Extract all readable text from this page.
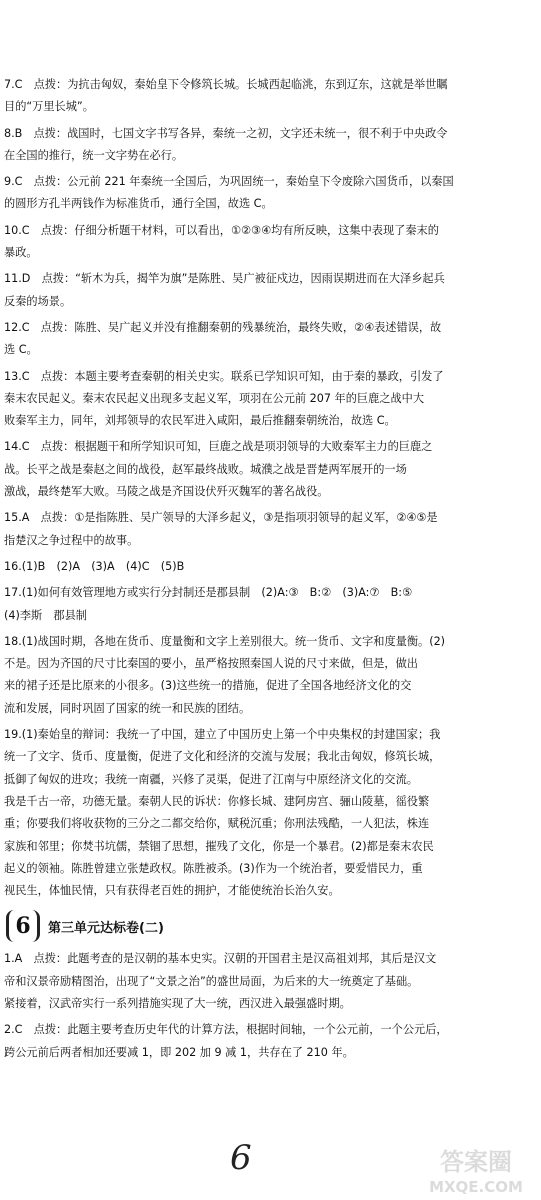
7.C　点拨：为抗击匈奴，秦始皇下令修筑长城。长城西起临洮，东到辽东，这就是举世瞩
目的“万里长城”。
8.B　点拨：战国时，七国文字书写各异，秦统一之初，文字还未统一，很不利于中央政令
在全国的推行，统一文字势在必行。
9.C　点拨：公元前 221 年秦统一全国后，为巩固统一，秦始皇下令废除六国货币，以秦国
的圆形方孔半两钱作为标准货币，通行全国，故选 C。
10.C　点拨：仔细分析题干材料，可以看出，①②③④均有所反映，这集中表现了秦末的
暴政。
11.D　点拨：“斩木为兵，揭竿为旗”是陈胜、吴广被征戍边，因雨误期进而在大泽乡起兵
反秦的场景。
12.C　点拨：陈胜、吴广起义并没有推翻秦朝的残暴统治，最终失败，②④表述错误，故
选 C。
13.C　点拨：本题主要考查秦朝的相关史实。联系已学知识可知，由于秦的暴政，引发了
秦末农民起义。秦末农民起义出现多支起义军，项羽在公元前 207 年的巨鹿之战中大
败秦军主力，同年，刘邦领导的农民军进入咸阳，最后推翻秦朝统治，故选 C。
14.C　点拨：根据题干和所学知识可知，巨鹿之战是项羽领导的大败秦军主力的巨鹿之
战。长平之战是秦赵之间的战役，赵军最终战败。城濮之战是晋楚两军展开的一场
激战，最终楚军大败。马陵之战是齐国设伏歼灭魏军的著名战役。
15.A　点拨：①是指陈胜、吴广领导的大泽乡起义，③是指项羽领导的起义军，②④⑤是
指楚汉之争过程中的故事。
16.(1)B　(2)A　(3)A　(4)C　(5)B
17.(1)如何有效管理地方或实行分封制还是郡县制　(2)A:③　B:②　(3)A:⑦　B:⑤
(4)李斯　郡县制
18.(1)战国时期，各地在货币、度量衡和文字上差别很大。统一货币、文字和度量衡。(2)
不是。因为齐国的尺寸比秦国的要小，虽严格按照秦国人说的尺寸来做，但是，做出
来的裙子还是比原来的小很多。(3)这些统一的措施，促进了全国各地经济文化的交
流和发展，同时巩固了国家的统一和民族的团结。
19.(1)秦始皇的辩词：我统一了中国，建立了中国历史上第一个中央集权的封建国家；我
统一了文字、货币、度量衡，促进了文化和经济的交流与发展；我北击匈奴，修筑长城，
抵御了匈奴的进攻；我统一南疆，兴修了灵渠，促进了江南与中原经济文化的交流。
我是千古一帝，功德无量。秦朝人民的诉状：你修长城、建阿房宫、骊山陵墓，徭役繁
重；你要我们将收获物的三分之二都交给你，赋税沉重；你刑法残酷，一人犯法，株连
家族和邻里；你焚书坑儒，禁锢了思想，摧残了文化，你是一个暴君。(2)都是秦末农民
起义的领袖。陈胜曾建立张楚政权。陈胜被杀。(3)作为一个统治者，要爱惜民力，重
视民生，体恤民情，只有获得老百姓的拥护，才能使统治长治久安。
6	第三单元达标卷(二)
1.A　点拨：此题考查的是汉朝的基本史实。汉朝的开国君主是汉高祖刘邦，其后是汉文
帝和汉景帝励精图治，出现了“文景之治”的盛世局面，为后来的大一统奠定了基础。
紧接着，汉武帝实行一系列措施实现了大一统，西汉进入最强盛时期。
2.C　点拨：此题主要考查历史年代的计算方法，根据时间轴，一个公元前，一个公元后，
跨公元前后两者相加还要减 1，即 202 加 9 减 1，共存在了 210 年。
6	答案圈
MXQE.COM
